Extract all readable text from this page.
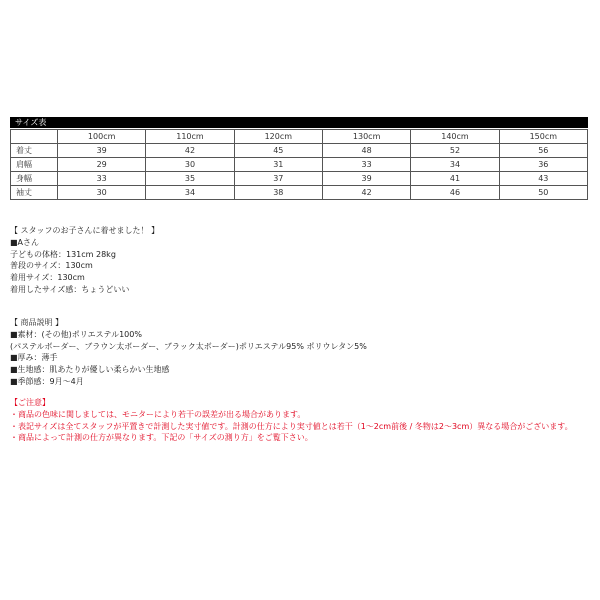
サイズ表
	100cm	110cm	120cm	130cm	140cm	150cm
着丈	39	42	45	48	52	56
肩幅	29	30	31	33	34	36
身幅	33	35	37	39	41	43
袖丈	30	34	38	42	46	50

【 スタッフのお子さんに着せました！ 】

■Aさん

子どもの体格：131cm 28kg

普段のサイズ：130cm

着用サイズ：130cm

着用したサイズ感：ちょうどいい

【 商品説明 】

■素材：(その他)ポリエステル100%

(パステルボーダー、ブラウン太ボーダー、ブラック太ボーダー)ポリエステル95% ポリウレタン5%

■厚み：薄手

■生地感：肌あたりが優しい柔らかい生地感

■季節感：9月〜4月

【ご注意】

・商品の色味に関しましては、モニターにより若干の誤差が出る場合があります。

・表記サイズは全てスタッフが平置きで計測した実寸値です。計測の仕方により実寸値とは若干（1〜2cm前後 / 冬物は2〜3cm）異なる場合がございます。

・商品によって計測の仕方が異なります。下記の「サイズの測り方」をご覧下さい。
